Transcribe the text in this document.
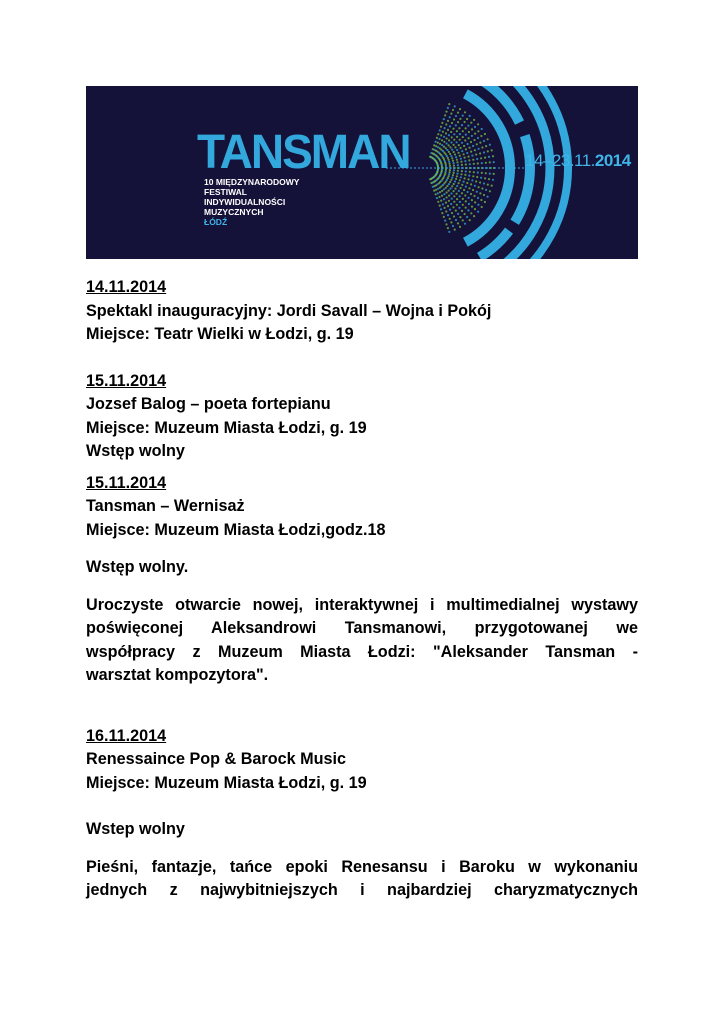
TANSMAN	14–23.11.2014
10 MIĘDZYNARODOWY
FESTIWAL
INDYWIDUALNOŚCI
MUZYCZNYCH
ŁÓDŹ

14.11.2014

Spektakl inauguracyjny: Jordi Savall – Wojna i Pokój

Miejsce: Teatr Wielki w Łodzi, g. 19

15.11.2014

Jozsef Balog – poeta fortepianu

Miejsce: Muzeum Miasta Łodzi, g. 19

Wstęp wolny

15.11.2014

Tansman – Wernisaż

Miejsce: Muzeum Miasta Łodzi,godz.18

Wstęp wolny.

Uroczyste otwarcie nowej, interaktywnej i multimedialnej wystawy

poświęconej Aleksandrowi Tansmanowi, przygotowanej we

współpracy z Muzeum Miasta Łodzi: "Aleksander Tansman -

warsztat kompozytora".

16.11.2014

Renessaince Pop & Barock Music

Miejsce: Muzeum Miasta Łodzi, g. 19

Wstep wolny

Pieśni, fantazje, tańce epoki Renesansu i Baroku w wykonaniu

jednych z najwybitniejszych i najbardziej charyzmatycznych
